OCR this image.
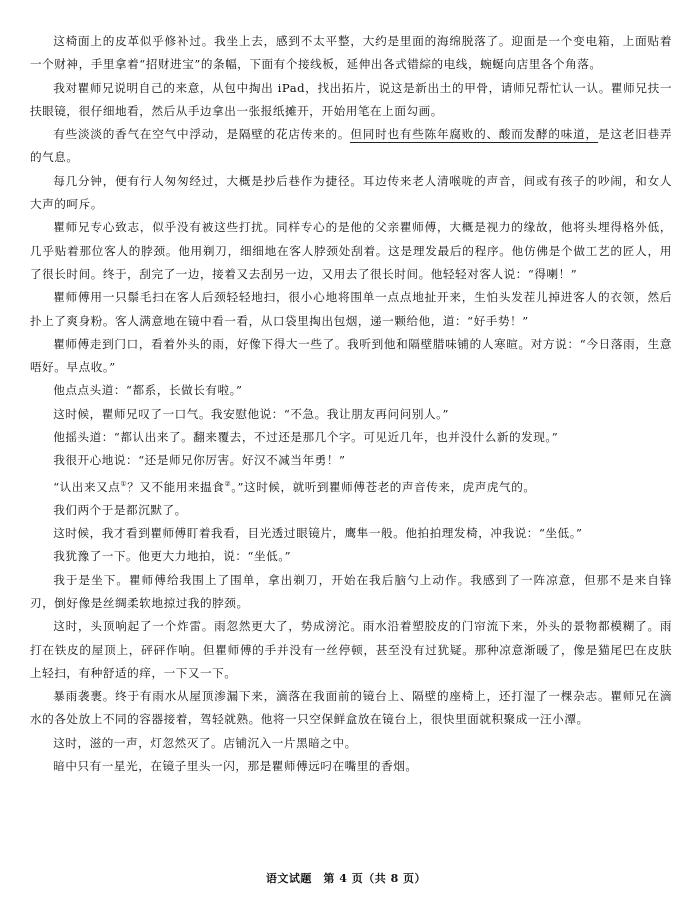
这椅面上的皮革似乎修补过。我坐上去，感到不太平整，大约是里面的海绵脱落了。迎面是一个变电箱，上面贴着一个财神，手里拿着“招财进宝”的条幅，下面有个接线板，延伸出各式错綜的电线，蜿蜒向店里各个角落。

我对瞿师兄说明自己的来意，从包中掏出 iPad，找出拓片，说这是新出土的甲骨，请师兄帮忙认一认。瞿师兄扶一扶眼镜，很仔细地看，然后从手边拿出一张报纸摊开，开始用笔在上面勾画。

有些淡淡的香气在空气中浮动，是隔壁的花店传来的。但同时也有些陈年腐败的、酸而发酵的味道，是这老旧巷弄的气息。

每几分钟，便有行人匆匆经过，大概是抄后巷作为捷径。耳边传来老人清喉咙的声音，间或有孩子的吵闹，和女人大声的呵斥。

瞿师兄专心致志，似乎没有被这些打扰。同样专心的是他的父亲瞿师傅，大概是视力的缘故，他将头埋得格外低，几乎贴着那位客人的脖颈。他用剃刀，细细地在客人脖颈处刮着。这是理发最后的程序。他仿佛是个做工艺的匠人，用了很长时间。终于，刮完了一边，接着又去刮另一边，又用去了很长时间。他轻轻对客人说：“得喇！”

瞿师傅用一只鬃毛扫在客人后颈轻轻地扫，很小心地将围单一点点地扯开来，生怕头发茬儿掉进客人的衣领，然后扑上了爽身粉。客人满意地在镜中看一看，从口袋里掏出包烟，递一颗给他，道：“好手势！”

瞿师傅走到门口，看着外头的雨，好像下得大一些了。我听到他和隔壁腊味铺的人寒暄。对方说：“今日落雨，生意唔好。早点收。”

他点点头道：“都系，长做长有啦。”

这时候，瞿师兄叹了一口气。我安慰他说：“不急。我让朋友再问问别人。”

他摇头道：“都认出来了。翻来覆去，不过还是那几个字。可见近几年，也并没什么新的发现。”

我很开心地说：“还是师兄你厉害。好汉不减当年勇！”

“认出来又点①？又不能用来揾食②。”这时候，就听到瞿师傅苍老的声音传来，虎声虎气的。

我们两个于是都沉默了。

这时候，我才看到瞿师傅盯着我看，目光透过眼镜片，鹰隼一般。他拍拍理发椅，冲我说：“坐低。”

我犹豫了一下。他更大力地拍，说：“坐低。”

我于是坐下。瞿师傅给我围上了围单，拿出剃刀，开始在我后脑勺上动作。我感到了一阵凉意，但那不是来自锋刃，倒好像是丝绸柔软地掠过我的脖颈。

这时，头顶响起了一个炸雷。雨忽然更大了，势成滂沱。雨水沿着塑胶皮的门帘流下来，外头的景物都模糊了。雨打在铁皮的屋顶上，砰砰作响。但瞿师傅的手并没有一丝停顿，甚至没有过犹疑。那种凉意渐暖了，像是猫尾巴在皮肤上轻扫，有种舒适的痒，一下又一下。

暴雨袭裹。终于有雨水从屋顶渗漏下来，滴落在我面前的镜台上、隔壁的座椅上，还打湿了一棵杂志。瞿师兄在滴水的各处放上不同的容器接着，驾轻就熟。他将一只空保鲜盒放在镜台上，很快里面就积聚成一汪小潭。

这时，滋的一声，灯忽然灭了。店铺沉入一片黑暗之中。

暗中只有一星光，在镜子里头一闪，那是瞿师傅远叼在嘴里的香烟。

语文试题　第 4 页（共 8 页）
